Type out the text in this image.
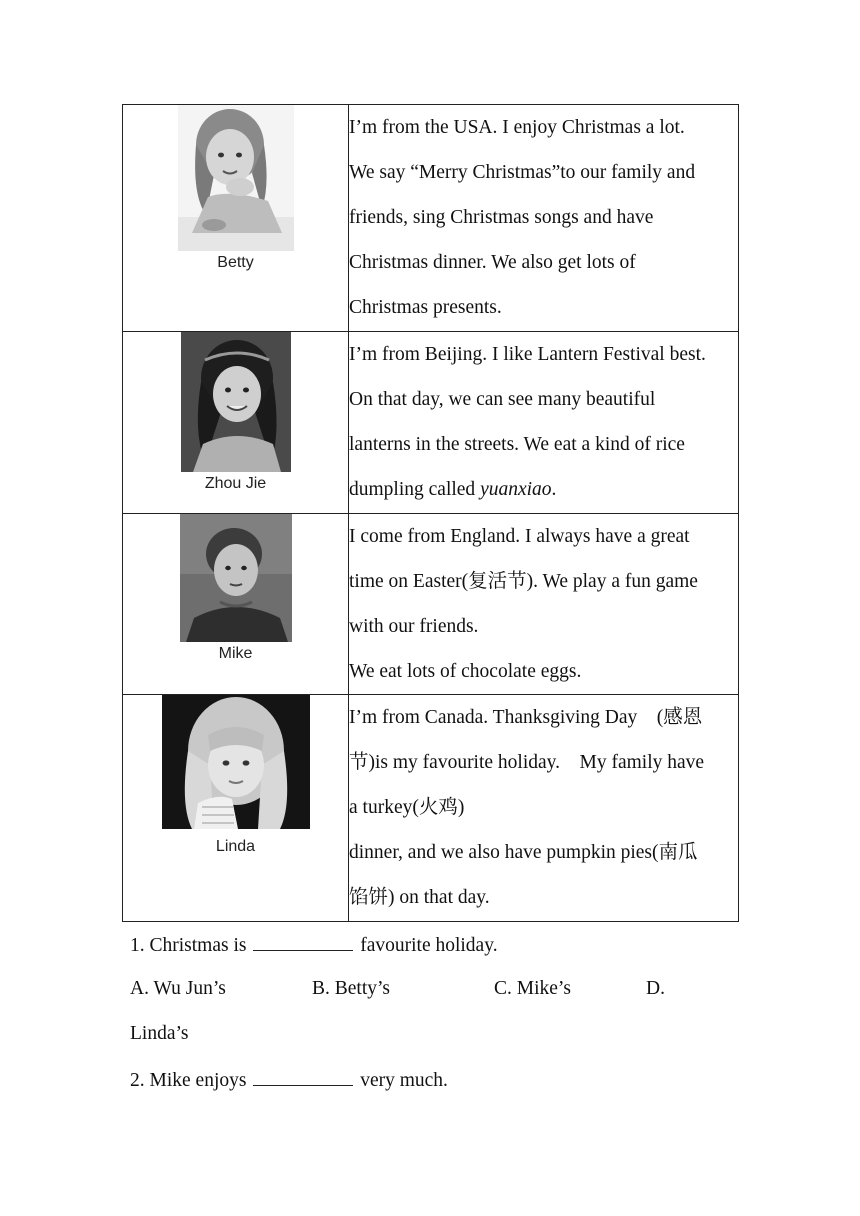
Betty	I’m from the USA. I enjoy Christmas a lot.

We say “Merry Christmas”to our family and

friends, sing Christmas songs and have

Christmas dinner. We also get lots of

Christmas presents.

Zhou Jie	I’m from Beijing. I like Lantern Festival best.

On that day, we can see many beautiful

lanterns in the streets. We eat a kind of rice

dumpling called yuanxiao.

Mike	I come from England. I always have a great

time on Easter(复活节). We play a fun game

with our friends.

We eat lots of chocolate eggs.

Linda	I’m from Canada. Thanksgiving Day　(感恩

节)is my favourite holiday.　My family have

a turkey(火鸡)

dinner, and we also have pumpkin pies(南瓜

馅饼) on that day.

1. Christmas is	favourite holiday.
A. Wu Jun’s	B. Betty’s	C. Mike’s	D.
Linda’s
2. Mike enjoys	very much.
